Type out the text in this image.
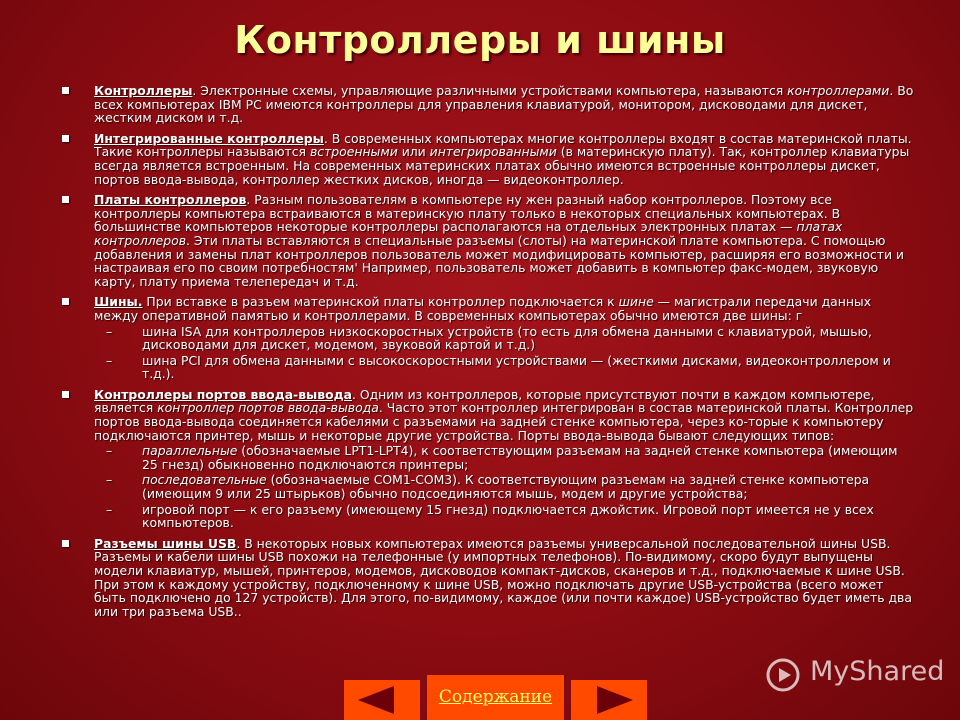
Контроллеры и шины
Контроллеры. Электронные схемы, управляющие различными устройствами компьютера, называются контроллерами. Во всех компьютерах IBM PC имеются контроллеры для управления клавиатурой, монитором, дисководами для дискет, жестким диском и т.д.
Интегрированные контроллеры. В современных компьютерах многие контроллеры входят в состав материнской платы. Такие контроллеры называются встроенными или интегрированными (в материнскую плату). Так, контроллер клавиатуры всегда является встроенным. На современных материнских платах обычно имеются встроенные контроллеры дискет, портов ввода-вывода, контроллер жестких дисков, иногда — видеоконтроллер.
Платы контроллеров. Разным пользователям в компьютере ну жен разный набор контроллеров. Поэтому все контроллеры компьютера встраиваются в материнскую плату только в некоторых специальных компьютерах. В большинстве компьютеров некоторые контроллеры располагаются на отдельных электронных платах — платах контроллеров. Эти платы вставляются в специальные разъемы (слоты) на материнской плате компьютера. С помощью добавления и замены плат контроллеров пользователь может модифицировать компьютер, расширяя его возможности и настраивая его по своим потребностям' Например, пользователь может добавить в компьютер факс-модем, звуковую карту, плату приема телепередач и т.д.
Шины. При вставке в разъем материнской платы контроллер подключается к шине — магистрали передачи данных между оперативной памятью и контроллерами. В современных компьютерах обычно имеются две шины: г
– шина ISA для контроллеров низкоскоростных устройств (то есть для обмена данными с клавиатурой, мышью, дисководами для дискет, модемом, звуковой картой и т.д.)
– шина PCI для обмена данными с высокоскоростными устройствами — (жесткими дисками, видеоконтроллером и т.д.).
Контроллеры портов ввода-вывода. Одним из контроллеров, которые присутствуют почти в каждом компьютере, является контроллер портов ввода-вывода. Часто этот контроллер интегрирован в состав материнской платы. Контроллер портов ввода-вывода соединяется кабелями с разъемами на задней стенке компьютера, через ко-торые к компьютеру подключаются принтер, мышь и некоторые другие устройства. Порты ввода-вывода бывают следующих типов:
– параллельные (обозначаемые LPT1-LPT4), к соответствующим разъемам на задней стенке компьютера (имеющим 25 гнезд) обыкновенно подключаются принтеры;
– последовательные (обозначаемые COM1-COM3). К соответствующим разъемам на задней стенке компьютера (имеющим 9 или 25 штырьков) обычно подсоединяются мышь, модем и другие устройства;
– игровой порт — к его разъему (имеющему 15 гнезд) подключается джойстик. Игровой порт имеется не у всех компьютеров.
Разъемы шины USB. В некоторых новых компьютерах имеются разъемы универсальной последовательной шины USB. Разъемы и кабели шины USB похожи на телефонные (у импортных телефонов). По-видимому, скоро будут выпущены модели клавиатур, мышей, принтеров, модемов, дисководов компакт-дисков, сканеров и т.д., подключаемые к шине USB. При этом к каждому устройству, подключенному к шине USB, можно подключать другие USB-устройства (всего может быть подключено до 127 устройств). Для этого, по-видимому, каждое (или почти каждое) USB-устройство будет иметь два или три разъема USB..
MyShared
Содержание
